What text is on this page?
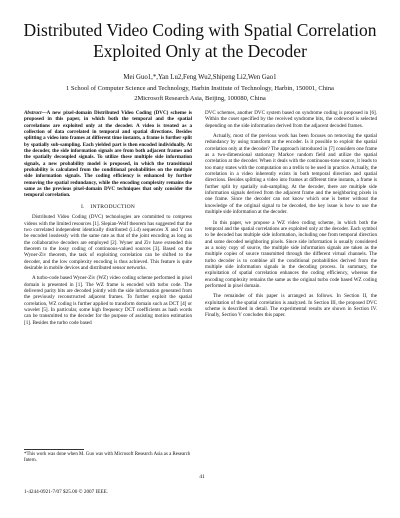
Distributed Video Coding with Spatial Correlation
Exploited Only at the Decoder
Mei Guo1,*,Yan Lu2,Feng Wu2,Shipeng Li2,Wen Gao1
1 School of Computer Science and Technology, Harbin Institute of Technology, Harbin, 150001, China
2Microsoft Research Asia, Beijing, 100080, China

Abstract—A new pixel-domain Distributed Video Coding (DVC) scheme is proposed in this paper, in which both the temporal and the spatial correlations are exploited only at the decoder. A video is treated as a collection of data correlated in temporal and spatial directions. Besides splitting a video into frames at different time instants, a frame is further split by spatially sub-sampling. Each yielded part is then encoded individually. At the decoder, the side information signals are from both adjacent frames and the spatially decoupled signals. To utilize these multiple side information signals, a new probability model is proposed, in which the transitional probability is calculated from the conditional probabilities on the multiple side information signals. The coding efficiency is enhanced by further removing the spatial redundancy, while the encoding complexity remains the same as the previous pixel-domain DVC techniques that only consider the temporal correlation.

I. INTRODUCTION

Distributed Video Coding (DVC) technologies are committed to compress videos with the limited resources [1]. Slepian-Wolf theorem has suggested that the two correlated independent identically distributed (i.i.d) sequences X and Y can be encoded losslessly with the same rate as that of the joint encoding as long as the collaborative decoders are employed [2]. Wyner and Ziv have extended this theorem to the lossy coding of continuous-valued sources [3]. Based on the Wyner-Ziv theorem, the task of exploiting correlation can be shifted to the decoder, and the low complexity encoding is thus achieved. This feature is quite desirable in mobile devices and distributed sensor networks.

A turbo-code based Wyner-Ziv (WZ) video coding scheme performed in pixel domain is presented in [1]. The WZ frame is encoded with turbo code. The delivered parity bits are decoded jointly with the side information generated from the previously reconstructed adjacent frames. To further exploit the spatial correlation, WZ coding is further applied to transform domain such as DCT [4] or wavelet [5]. In particular, some high frequency DCT coefficients as hash words can be transmitted to the decoder for the purpose of assisting motion estimation [1]. Besides the turbo code based

*This work was done when M. Guo was with Microsoft Research Asia as a Research Intern.

DVC schemes, another DVC system based on syndrome coding is proposed in [6]. Within the coset specified by the received syndrome bits, the codeword is selected depending on the side information derived from the adjacent decoded frames.

Actually, most of the previous work has been focuses on removing the spatial redundancy by using transform at the encoder. Is it possible to exploit the spatial correlation only at the decoder? The approach introduced in [7] considers one frame as a two-dimensional stationary Markov random field and utilize the spatial correlation at the decoder. When it deals with the continuous-tone source, it leads to too many states with the computation on a trellis to be used in practice. Actually, the correlation in a video inherently exists in both temporal direction and spatial directions. Besides splitting a video into frames at different time instants, a frame is further split by spatially sub-sampling. At the decoder, there are multiple side information signals derived from the adjacent frame and the neighboring pixels in one frame. Since the decoder can not know which one is better without the knowledge of the original signal to be decoded, the key issue is how to use the multiple side information at the decoder.

In this paper, we propose a WZ video coding scheme, in which both the temporal and the spatial correlations are exploited only at the decoder. Each symbol to be decoded has multiple side information, including one from temporal direction and some decoded neighboring pixels. Since side information is usually considered as a noisy copy of source, the multiple side information signals are taken as the multiple copies of source transmitted through the different virtual channels. The turbo decoder is to combine all the conditional probabilities derived from the multiple side information signals in the decoding process. In summary, the exploitation of spatial correlation enhances the coding efficiency, whereas the encoding complexity remains the same as the original turbo code based WZ coding performed in pixel domain.

The remainder of this paper is arranged as follows. In Section II, the exploitation of the spatial correlation is analyzed. In Section III, the proposed DVC scheme is described in detail. The experimental results are shown in Section IV. Finally, Section V concludes this paper.

41
1-4244-0921-7/07 $25.00 © 2007 IEEE.
